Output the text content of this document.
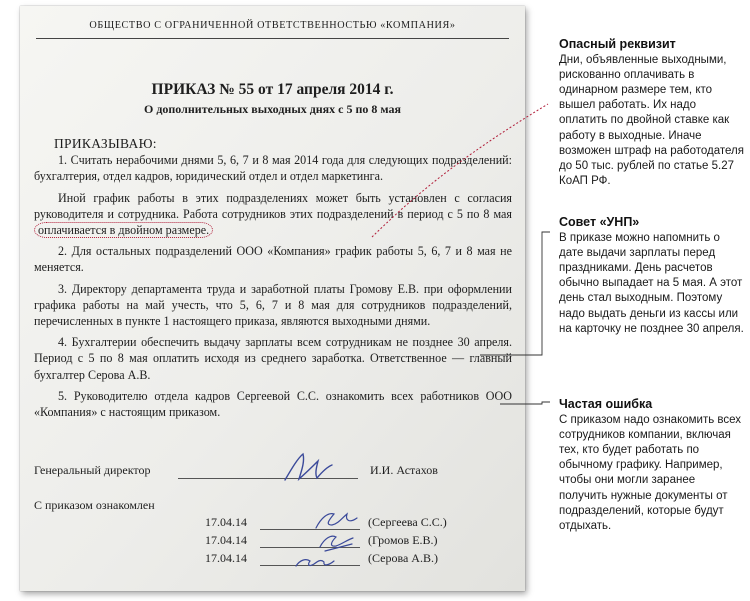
ОБЩЕСТВО С ОГРАНИЧЕННОЙ ОТВЕТСТВЕННОСТЬЮ «КОМПАНИЯ»
ПРИКАЗ № 55 от 17 апреля 2014 г.
О дополнительных выходных днях с 5 по 8 мая

ПРИКАЗЫВАЮ:

1. Считать нерабочими днями 5, 6, 7 и 8 мая 2014 года для следующих подразделений: бухгалтерия, отдел кадров, юридический отдел и отдел маркетинга.

Иной график работы в этих подразделениях может быть установлен с согласия руководителя и сотрудника. Работа сотрудников этих подразделений в период с 5 по 8 мая оплачивается в двойном размере.

2. Для остальных подразделений ООО «Компания» график работы 5, 6, 7 и 8 мая не меняется.

3. Директору департамента труда и заработной платы Громову Е.В. при оформлении графика работы на май учесть, что 5, 6, 7 и 8 мая для сотрудников подразделений, перечисленных в пункте 1 настоящего приказа, являются выходными днями.

4. Бухгалтерии обеспечить выдачу зарплаты всем сотрудникам не позднее 30 апреля. Период с 5 по 8 мая оплатить исходя из среднего заработка. Ответственное — главный бухгалтер Серова А.В.

5. Руководителю отдела кадров Сергеевой С.С. ознакомить всех работников ООО «Компания» с настоящим приказом.

Генеральный директор	И.И. Астахов
С приказом ознакомлен
17.04.14	(Сергеева С.С.)
17.04.14	(Громов Е.В.)
17.04.14	(Серова А.В.)
Опасный реквизит

Дни, объявленные выходными, рискованно оплачивать в одинарном размере тем, кто вышел работать. Их надо оплатить по двойной ставке как работу в выходные. Иначе возможен штраф на работодателя до 50 тыс. рублей по статье 5.27 КоАП РФ.

Совет «УНП»

В приказе можно напомнить о дате выдачи зарплаты перед праздниками. День расчетов обычно выпадает на 5 мая. А этот день стал выходным. Поэтому надо выдать деньги из кассы или на карточку не позднее 30 апреля.

Частая ошибка

С приказом надо ознакомить всех сотрудников компании, включая тех, кто будет работать по обычному графику. Например, чтобы они могли заранее получить нужные документы от подразделений, которые будут отдыхать.
